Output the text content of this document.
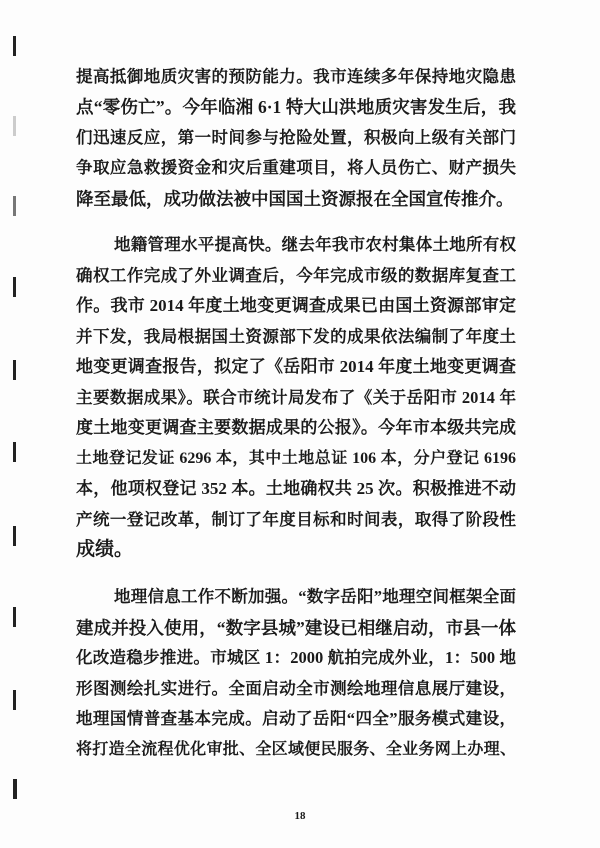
提高抵御地质灾害的预防能力。我市连续多年保持地灾隐患
点“零伤亡”。今年临湘 6·1 特大山洪地质灾害发生后，我
们迅速反应，第一时间参与抢险处置，积极向上级有关部门
争取应急救援资金和灾后重建项目，将人员伤亡、财产损失
降至最低，成功做法被中国国土资源报在全国宣传推介。
地籍管理水平提高快。继去年我市农村集体土地所有权
确权工作完成了外业调查后，今年完成市级的数据库复查工
作。我市 2014 年度土地变更调查成果已由国土资源部审定
并下发，我局根据国土资源部下发的成果依法编制了年度土
地变更调查报告，拟定了《岳阳市 2014 年度土地变更调查
主要数据成果》。联合市统计局发布了《关于岳阳市 2014 年
度土地变更调查主要数据成果的公报》。今年市本级共完成
土地登记发证 6296 本，其中土地总证 106 本，分户登记 6196
本，他项权登记 352 本。土地确权共 25 次。积极推进不动
产统一登记改革，制订了年度目标和时间表，取得了阶段性
成绩。
地理信息工作不断加强。“数字岳阳”地理空间框架全面
建成并投入使用，“数字县城”建设已相继启动，市县一体
化改造稳步推进。市城区 1：2000 航拍完成外业，1：500 地
形图测绘扎实进行。全面启动全市测绘地理信息展厅建设，
地理国情普查基本完成。启动了岳阳“四全”服务模式建设，
将打造全流程优化审批、全区域便民服务、全业务网上办理、
18
